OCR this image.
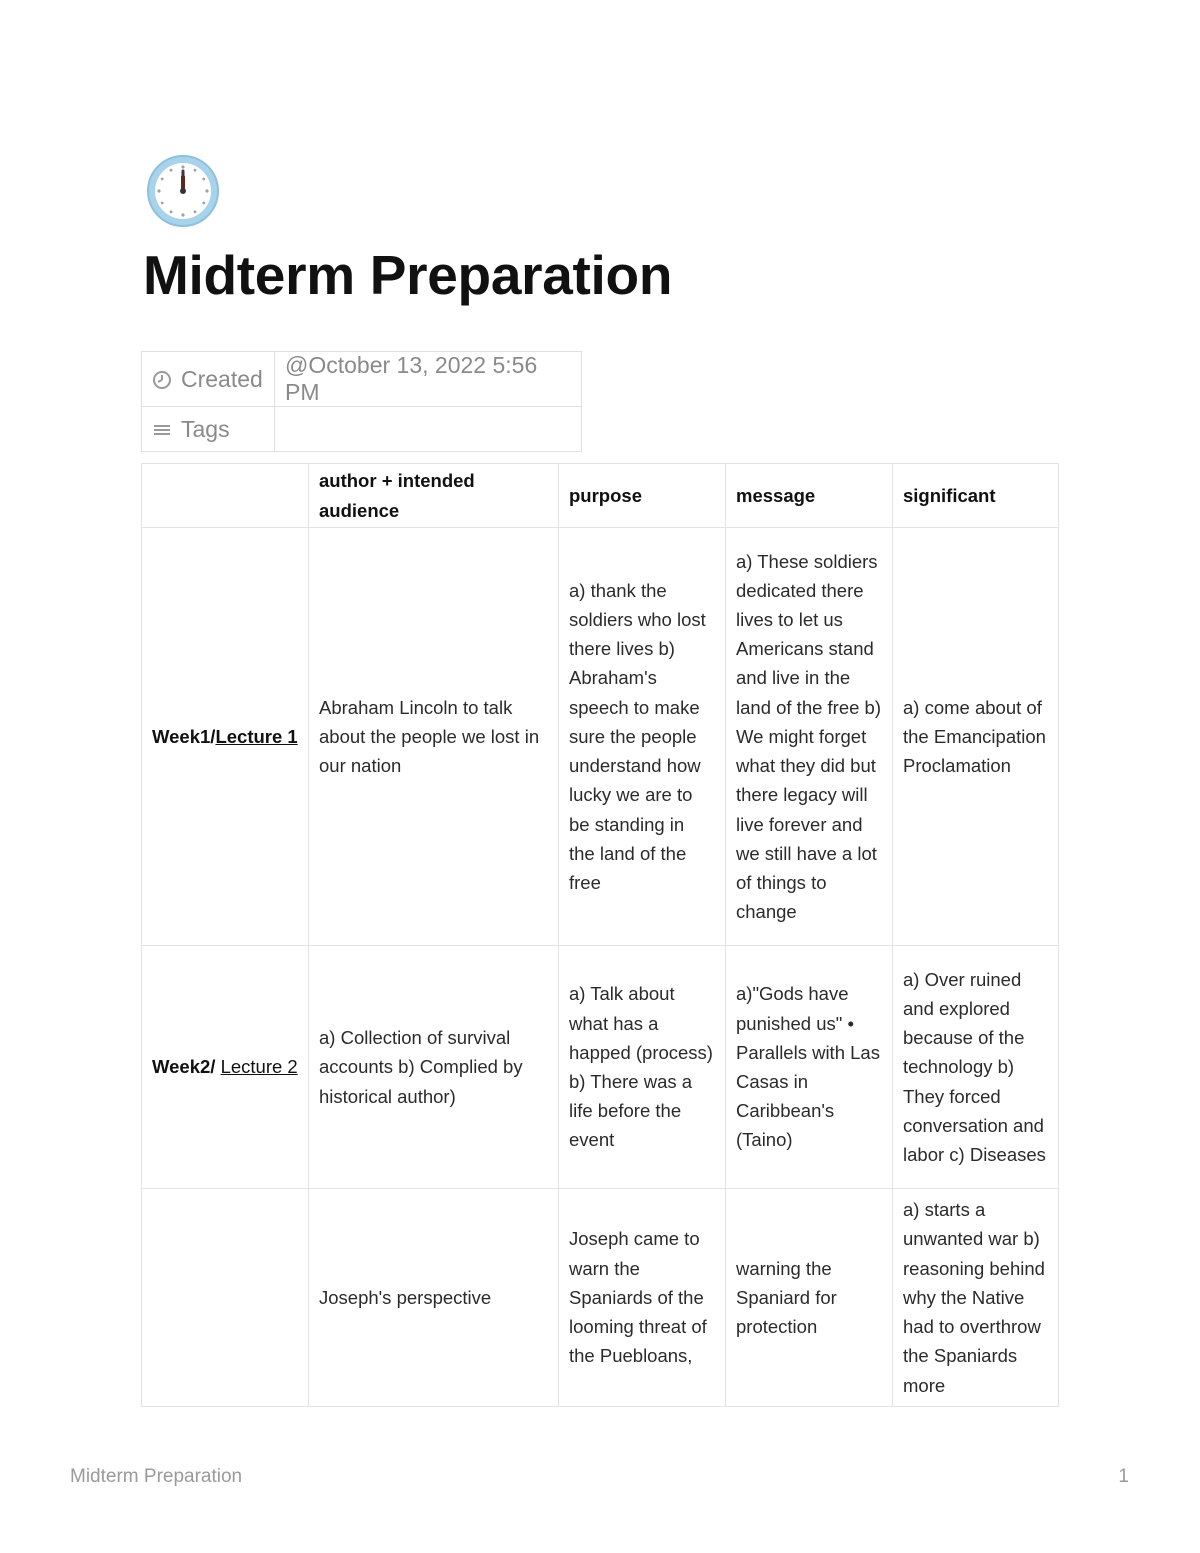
Midterm Preparation
Created	@October 13, 2022 5:56 PM
Tags	
	author + intended audience	purpose	message	significant
Week1/Lecture 1	Abraham Lincoln to talk about the people we lost in our nation	a) thank the soldiers who lost there lives b) Abraham's speech to make sure the people understand how lucky we are to be standing in the land of the free	a) These soldiers dedicated there lives to let us Americans stand and live in the land of the free b) We might forget what they did but there legacy will live forever and we still have a lot of things to change	a) come about of the Emancipation Proclamation
Week2/ Lecture 2	a) Collection of survival accounts b) Complied by historical author)	a) Talk about what has a happed (process) b) There was a life before the event	a)"Gods have punished us" • Parallels with Las Casas in Caribbean's (Taino)	a) Over ruined and explored because of the technology b) They forced conversation and labor c) Diseases
	Joseph's perspective	Joseph came to warn the Spaniards of the looming threat of the Puebloans,	warning the Spaniard for protection	a) starts a unwanted war b) reasoning behind why the Native had to overthrow the Spaniards more
Midterm Preparation	1
